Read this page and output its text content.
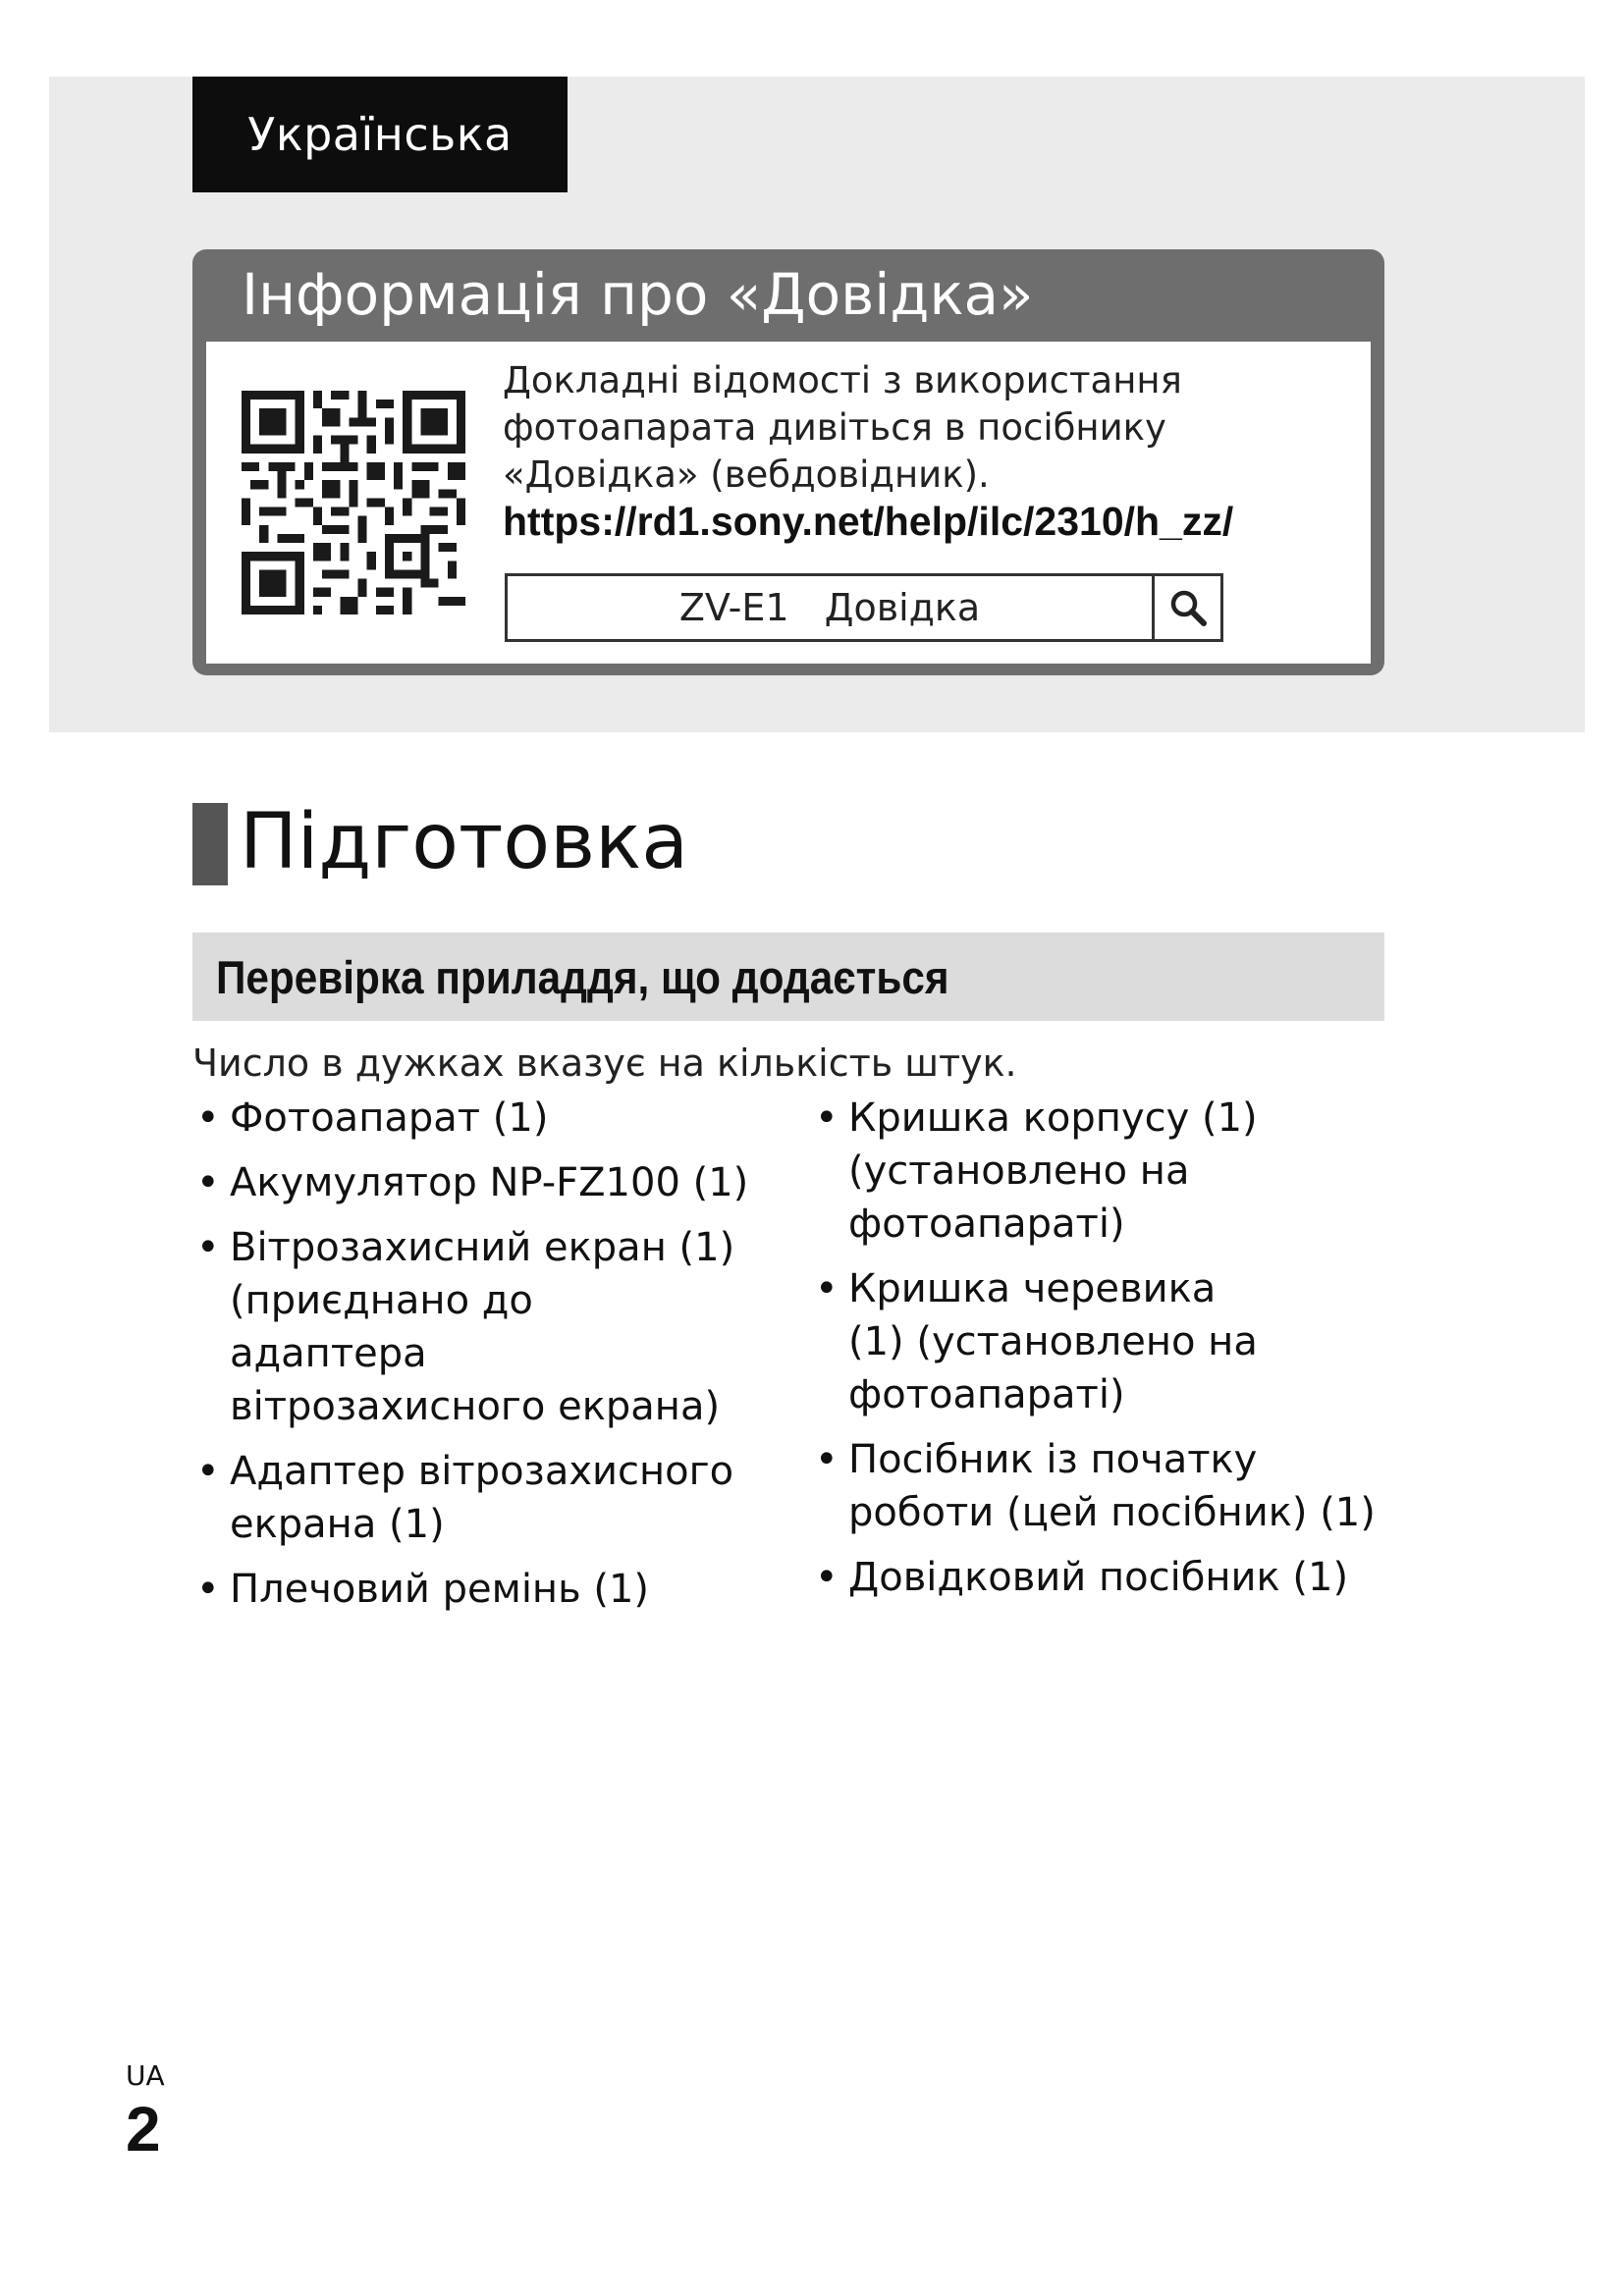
Українська
Інформація про «Довідка»
Докладні відомості з використання фотоапарата дивіться в посібнику «Довідка» (вебдовідник).
https://rd1.sony.net/help/ilc/2310/h_zz/
ZV-E1   Довідка
Підготовка
Перевірка приладдя, що додається
Число в дужках вказує на кількість штук.
• Фотоапарат (1)
• Акумулятор NP-FZ100 (1)
• Вітрозахисний екран (1) (приєднано до адаптера вітрозахисного екрана)
• Адаптер вітрозахисного екрана (1)
• Плечовий ремінь (1)
• Кришка корпусу (1) (установлено на фотоапараті)
• Кришка черевика (1) (установлено на фотоапараті)
• Посібник із початку роботи (цей посібник) (1)
• Довідковий посібник (1)
UA
2
